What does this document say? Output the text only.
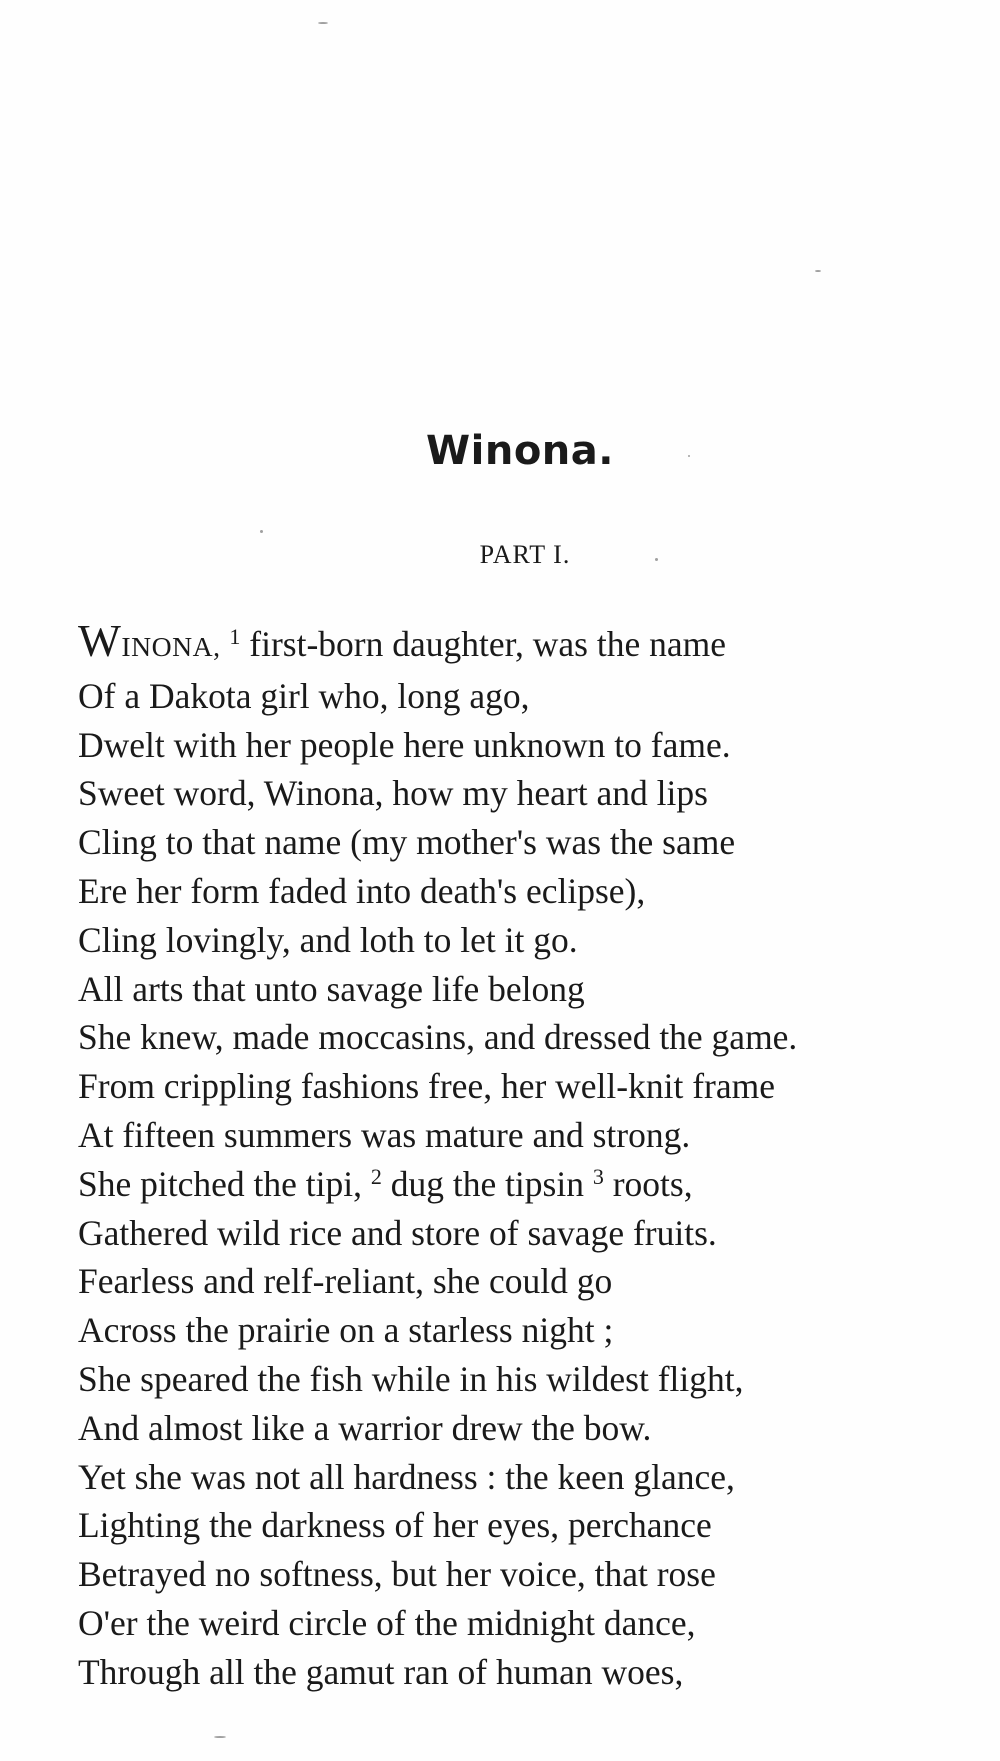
Winona.
PART I.
WINONA, $^1$ first-born daughter, was the name
Of a Dakota girl who, long ago,
Dwelt with her people here unknown to fame.
Sweet word, Winona, how my heart and lips
Cling to that name (my mother's was the same
Ere her form faded into death's eclipse),
Cling lovingly, and loth to let it go.
All arts that unto savage life belong
She knew, made moccasins, and dressed the game.
From crippling fashions free, her well-knit frame
At fifteen summers was mature and strong.
She pitched the tipi, $^2$ dug the tipsin $^3$ roots,
Gathered wild rice and store of savage fruits.
Fearless and relf-reliant, she could go
Across the prairie on a starless night ;
She speared the fish while in his wildest flight,
And almost like a warrior drew the bow.
Yet she was not all hardness : the keen glance,
Lighting the darkness of her eyes, perchance
Betrayed no softness, but her voice, that rose
O'er the weird circle of the midnight dance,
Through all the gamut ran of human woes,
